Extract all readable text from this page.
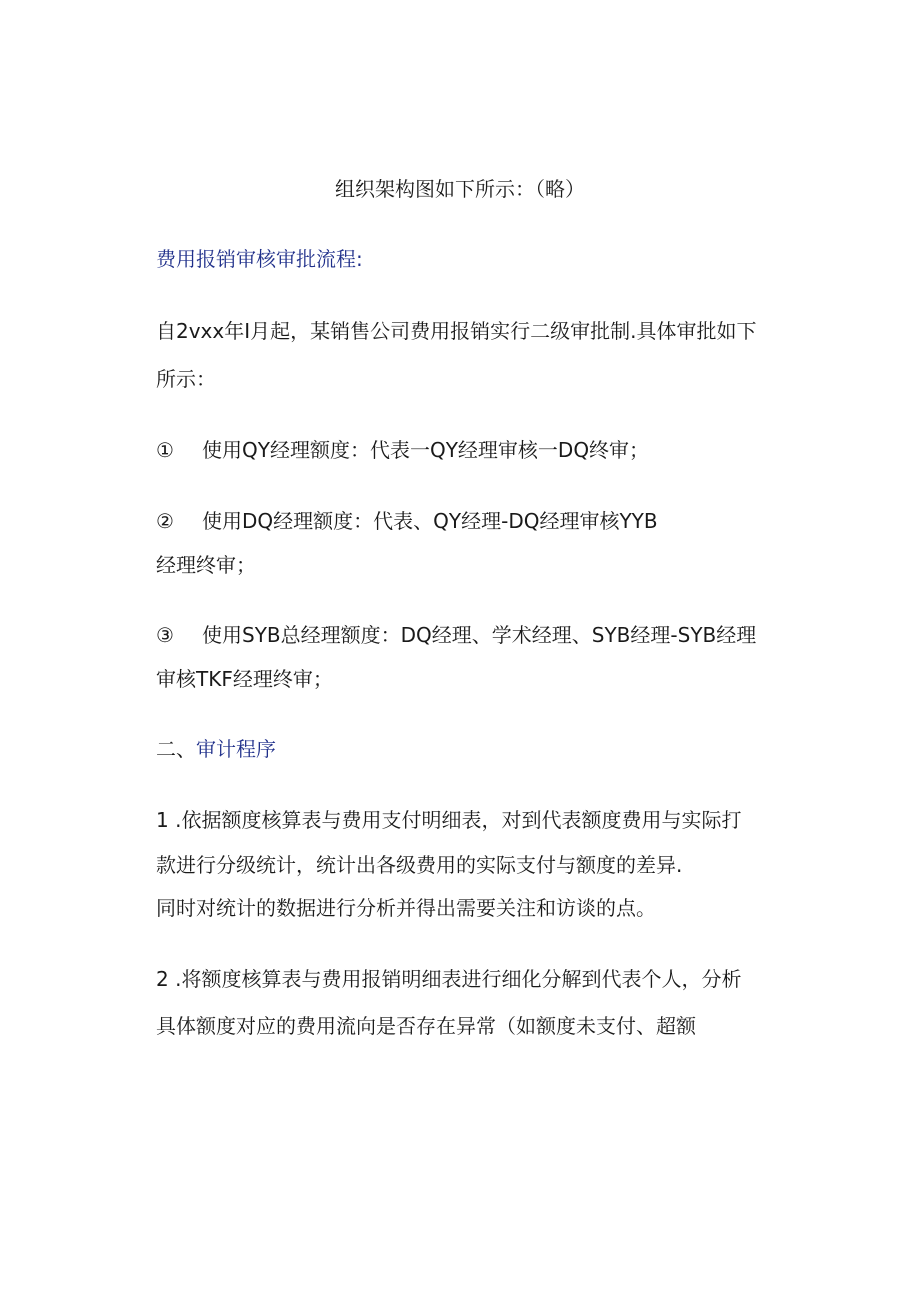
组织架构图如下所示：（略）

费用报销审核审批流程:

自2vxx年I月起，某销售公司费用报销实行二级审批制.具体审批如下

所示：

① 使用QY经理额度：代表一QY经理审核一DQ终审；

② 使用DQ经理额度：代表、QY经理-DQ经理审核YYB

经理终审；

③ 使用SYB总经理额度：DQ经理、学术经理、SYB经理-SYB经理

审核TKF经理终审；

二、审计程序

1 .依据额度核算表与费用支付明细表，对到代表额度费用与实际打

款进行分级统计，统计出各级费用的实际支付与额度的差异.

同时对统计的数据进行分析并得出需要关注和访谈的点。

2 .将额度核算表与费用报销明细表进行细化分解到代表个人，分析

具体额度对应的费用流向是否存在异常（如额度未支付、超额
